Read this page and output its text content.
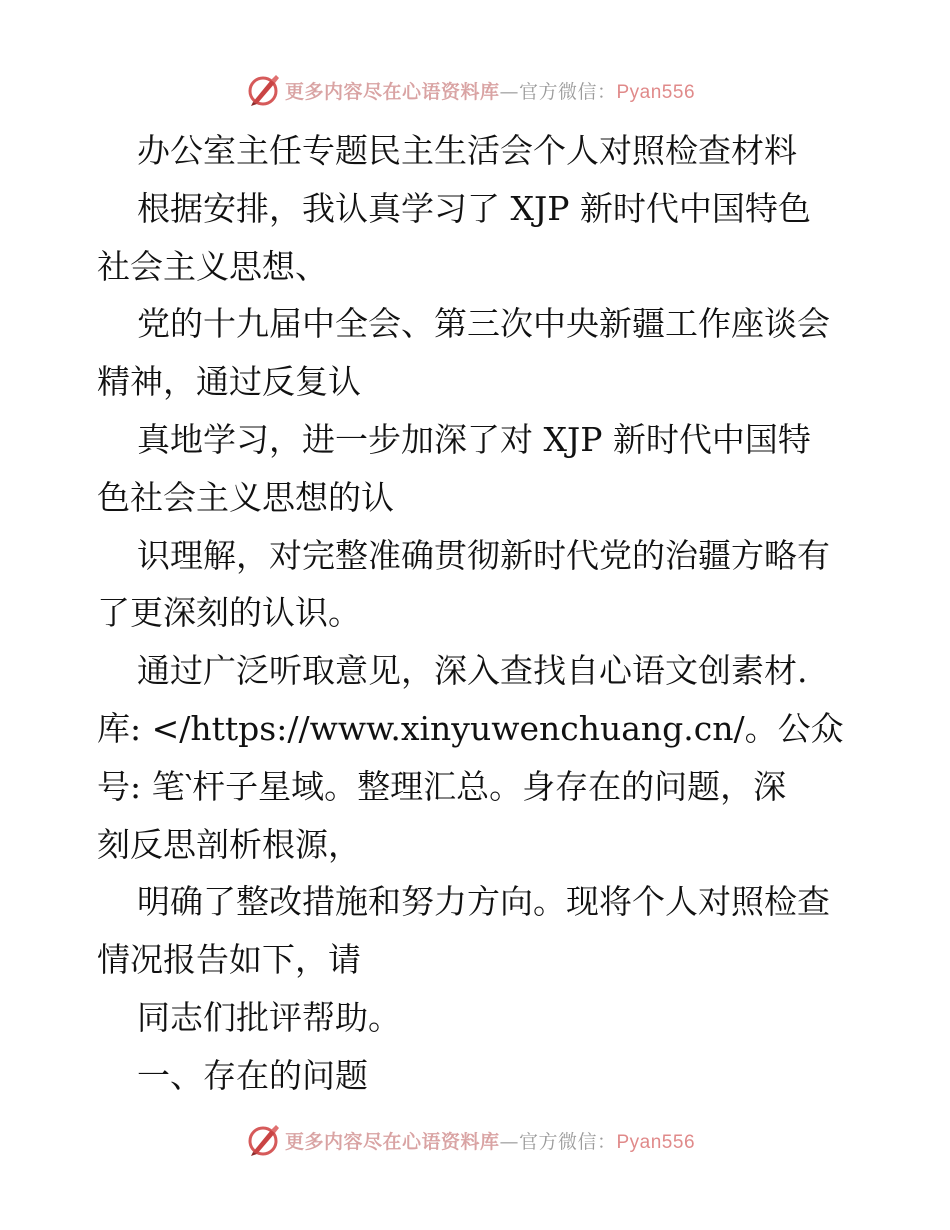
更多内容尽在心语资料库—官方微信：Pyan556
办公室主任专题民主生活会个人对照检查材料
根据安排，我认真学习了 XJP 新时代中国特色
社会主义思想、
党的十九届中全会、第三次中央新疆工作座谈会
精神，通过反复认
真地学习，进一步加深了对 XJP 新时代中国特
色社会主义思想的认
识理解，对完整准确贯彻新时代党的治疆方略有
了更深刻的认识。
通过广泛听取意见，深入查找自心语文创素材.
库: </https://www.xinyuwenchuang.cn/。公众
号: 笔‵杆子星域。整理汇总。身存在的问题，深
刻反思剖析根源，
明确了整改措施和努力方向。现将个人对照检查
情况报告如下，请
同志们批评帮助。
一、存在的问题
更多内容尽在心语资料库—官方微信：Pyan556
